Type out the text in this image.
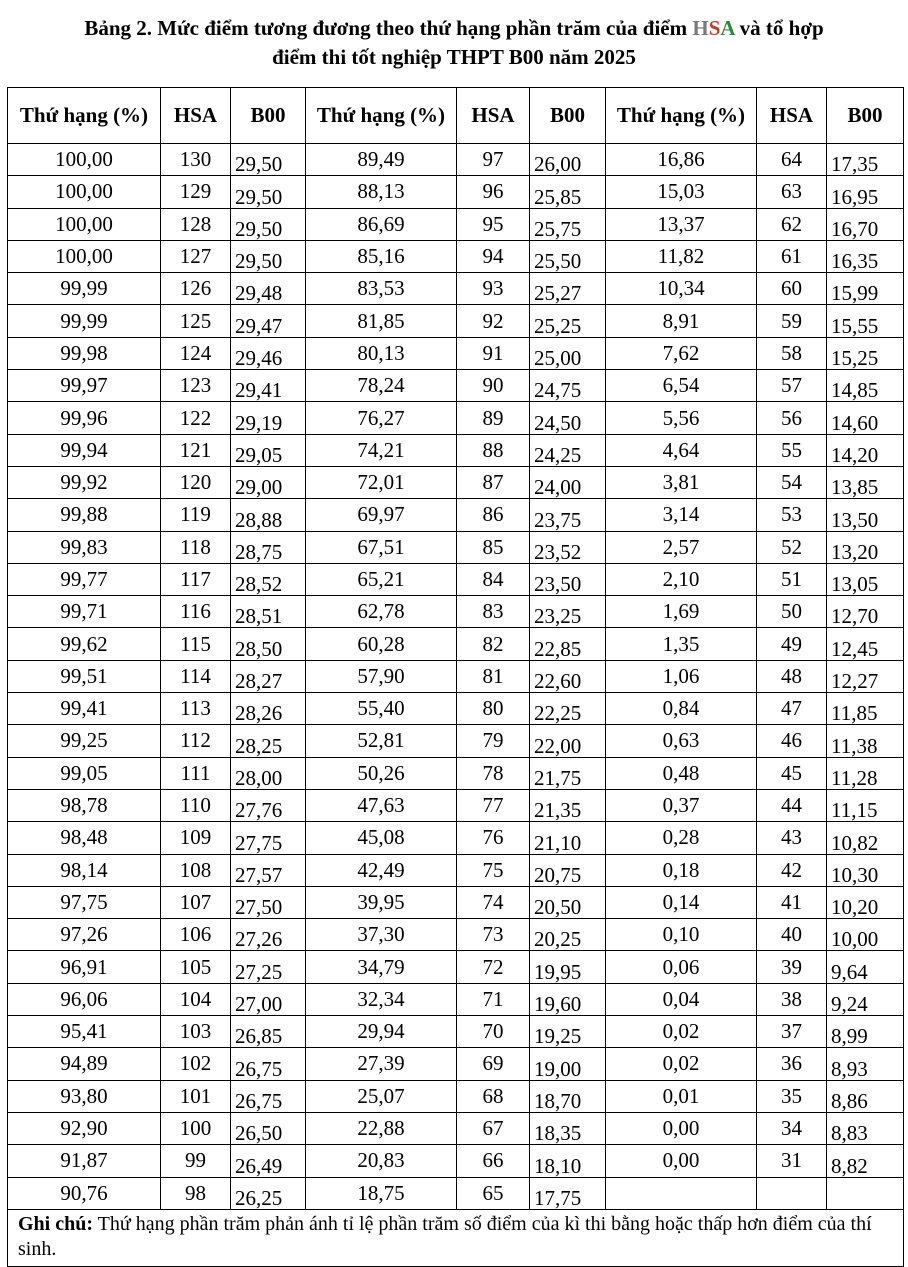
Bảng 2. Mức điểm tương đương theo thứ hạng phần trăm của điểm HSA và tổ hợp
điểm thi tốt nghiệp THPT B00 năm 2025
Thứ hạng (%)	HSA	B00	Thứ hạng (%)	HSA	B00	Thứ hạng (%)	HSA	B00
100,00	130	29,50	89,49	97	26,00	16,86	64	17,35
100,00	129	29,50	88,13	96	25,85	15,03	63	16,95
100,00	128	29,50	86,69	95	25,75	13,37	62	16,70
100,00	127	29,50	85,16	94	25,50	11,82	61	16,35
99,99	126	29,48	83,53	93	25,27	10,34	60	15,99
99,99	125	29,47	81,85	92	25,25	8,91	59	15,55
99,98	124	29,46	80,13	91	25,00	7,62	58	15,25
99,97	123	29,41	78,24	90	24,75	6,54	57	14,85
99,96	122	29,19	76,27	89	24,50	5,56	56	14,60
99,94	121	29,05	74,21	88	24,25	4,64	55	14,20
99,92	120	29,00	72,01	87	24,00	3,81	54	13,85
99,88	119	28,88	69,97	86	23,75	3,14	53	13,50
99,83	118	28,75	67,51	85	23,52	2,57	52	13,20
99,77	117	28,52	65,21	84	23,50	2,10	51	13,05
99,71	116	28,51	62,78	83	23,25	1,69	50	12,70
99,62	115	28,50	60,28	82	22,85	1,35	49	12,45
99,51	114	28,27	57,90	81	22,60	1,06	48	12,27
99,41	113	28,26	55,40	80	22,25	0,84	47	11,85
99,25	112	28,25	52,81	79	22,00	0,63	46	11,38
99,05	111	28,00	50,26	78	21,75	0,48	45	11,28
98,78	110	27,76	47,63	77	21,35	0,37	44	11,15
98,48	109	27,75	45,08	76	21,10	0,28	43	10,82
98,14	108	27,57	42,49	75	20,75	0,18	42	10,30
97,75	107	27,50	39,95	74	20,50	0,14	41	10,20
97,26	106	27,26	37,30	73	20,25	0,10	40	10,00
96,91	105	27,25	34,79	72	19,95	0,06	39	9,64
96,06	104	27,00	32,34	71	19,60	0,04	38	9,24
95,41	103	26,85	29,94	70	19,25	0,02	37	8,99
94,89	102	26,75	27,39	69	19,00	0,02	36	8,93
93,80	101	26,75	25,07	68	18,70	0,01	35	8,86
92,90	100	26,50	22,88	67	18,35	0,00	34	8,83
91,87	99	26,49	20,83	66	18,10	0,00	31	8,82
90,76	98	26,25	18,75	65	17,75			
Ghi chú: Thứ hạng phần trăm phản ánh tỉ lệ phần trăm số điểm của kì thi bằng hoặc thấp hơn điểm của thí sinh.								
